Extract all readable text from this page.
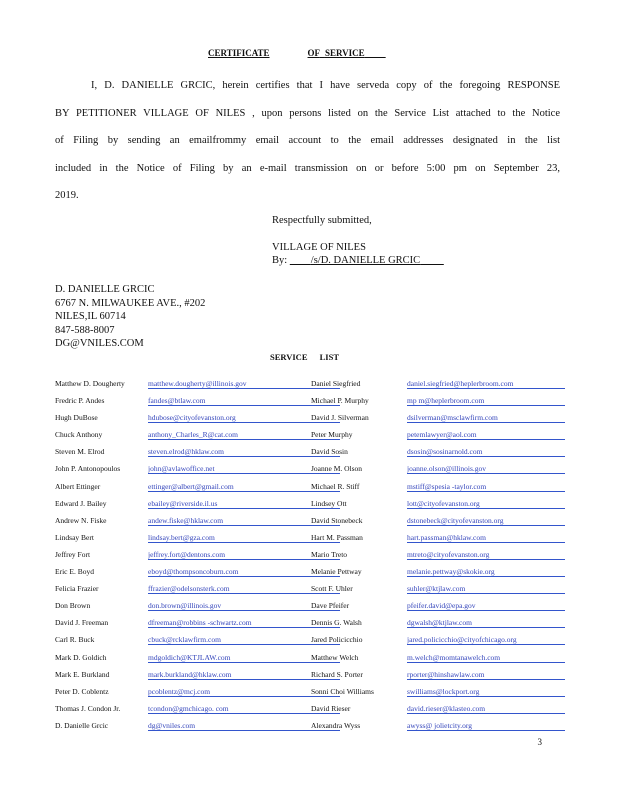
CERTIFICATE	OF SERVICE

I, D. DANIELLE GRCIC, herein certifies that I have serveda copy of the foregoing RESPONSE BY PETITIONER VILLAGE OF NILES , upon persons listed on the Service List attached to the Notice of Filing by sending an emailfrommy email account to the email addresses designated in the list included in the Notice of Filing by an e-mail transmission on or before 5:00 pm on September 23, 2019.

Respectfully submitted,
VILLAGE OF NILES
By: /s/D. DANIELLE GRCIC
D. DANIELLE GRCIC
6767 N. MILWAUKEE AVE., #202
NILES,IL 60714
847-588-8007
DG@VNILES.COM
SERVICE LIST
Matthew D. Dougherty	matthew.dougherty@illinois.gov	Daniel Siegfried	daniel.siegfried@heplerbroom.com
Fredric P. Andes	fandes@btlaw.com	Michael P. Murphy	mp m@heplerbroom.com
Hugh DuBose	hdubose@cityofevanston.org	David J. Silverman	dsilverman@msclawfirm.com
Chuck Anthony	anthony_Charles_R@cat.com	Peter Murphy	petemlawyer@aol.com
Steven M. Elrod	steven.elrod@hklaw.com	David Sosin	dsosin@sosinarnold.com
John P. Antonopoulos	john@avlawoffice.net	Joanne M. Olson	joanne.olson@illinois.gov
Albert Ettinger	ettinger@albert@gmail.com	Michael R. Stiff	mstiff@spesia -taylor.com
Edward J. Bailey	ebailey@riverside.il.us	Lindsey Ott	lott@cityofevanston.org
Andrew N. Fiske	andew.fiske@hklaw.com	David Stonebeck	dstonebeck@cityofevanston.org
Lindsay Bert	lindsay.bert@gza.com	Hart M. Passman	hart.passman@hklaw.com
Jeffrey Fort	jeffrey.fort@dentons.com	Mario Treto	mtreto@cityofevanston.org
Eric E. Boyd	eboyd@thompsoncoburn.com	Melanie Pettway	melanie.pettway@skokie.org
Felicia Frazier	ffrazier@odelsonsterk.com	Scott F. Uhler	suhler@ktjlaw.com
Don Brown	don.brown@illinois.gov	Dave Pfeifer	pfeifer.david@epa.gov
David J. Freeman	dfreeman@robbins -schwartz.com	Dennis G. Walsh	dgwalsh@ktjlaw.com
Carl R. Buck	cbuck@rcklawfirm.com	Jared Policicchio	jared.policicchio@cityofchicago.org
Mark D. Goldich	mdgoldich@KTJLAW.com	Matthew Welch	m.welch@momtanawelch.com
Mark E. Burkland	mark.burkland@hklaw.com	Richard S. Porter	rporter@hinshawlaw.com
Peter D. Coblentz	pcoblentz@mcj.com	Sonni Choi Williams	swilliams@lockport.org
Thomas J. Condon Jr.	tcondon@gmchicago. com	David Rieser	david.rieser@klasteo.com
D. Danielle Grcic	dg@vniles.com	Alexandra Wyss	awyss@ jolietcity.org
3
